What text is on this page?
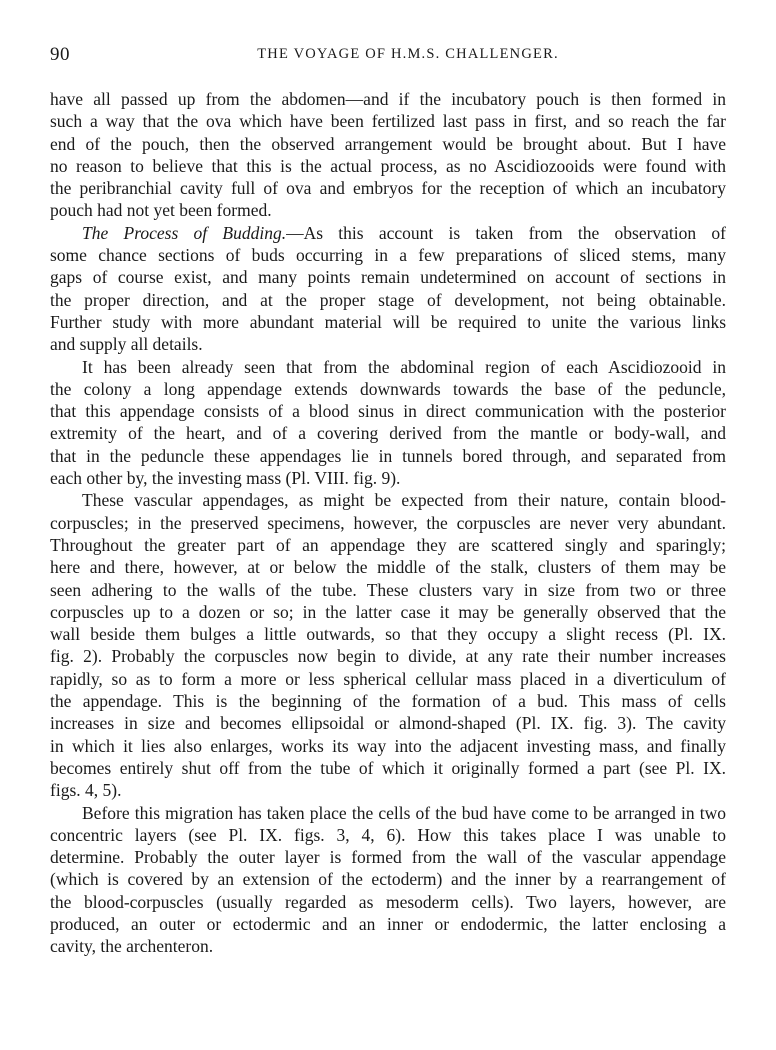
90	THE VOYAGE OF H.M.S. CHALLENGER.
have all passed up from the abdomen—and if the incubatory pouch is then formed in
such a way that the ova which have been fertilized last pass in first, and so reach the far
end of the pouch, then the observed arrangement would be brought about. But I have
no reason to believe that this is the actual process, as no Ascidiozooids were found with
the peribranchial cavity full of ova and embryos for the reception of which an incubatory
pouch had not yet been formed.
The Process of Budding.—As this account is taken from the observation of
some chance sections of buds occurring in a few preparations of sliced stems, many
gaps of course exist, and many points remain undetermined on account of sections in
the proper direction, and at the proper stage of development, not being obtainable.
Further study with more abundant material will be required to unite the various links
and supply all details.
It has been already seen that from the abdominal region of each Ascidiozooid in
the colony a long appendage extends downwards towards the base of the peduncle,
that this appendage consists of a blood sinus in direct communication with the posterior
extremity of the heart, and of a covering derived from the mantle or body-wall, and
that in the peduncle these appendages lie in tunnels bored through, and separated from
each other by, the investing mass (Pl. VIII. fig. 9).
These vascular appendages, as might be expected from their nature, contain blood-
corpuscles; in the preserved specimens, however, the corpuscles are never very abundant.
Throughout the greater part of an appendage they are scattered singly and sparingly;
here and there, however, at or below the middle of the stalk, clusters of them may be
seen adhering to the walls of the tube. These clusters vary in size from two or three
corpuscles up to a dozen or so; in the latter case it may be generally observed that the
wall beside them bulges a little outwards, so that they occupy a slight recess (Pl. IX.
fig. 2). Probably the corpuscles now begin to divide, at any rate their number increases
rapidly, so as to form a more or less spherical cellular mass placed in a diverticulum of
the appendage. This is the beginning of the formation of a bud. This mass of cells
increases in size and becomes ellipsoidal or almond-shaped (Pl. IX. fig. 3). The cavity
in which it lies also enlarges, works its way into the adjacent investing mass, and finally
becomes entirely shut off from the tube of which it originally formed a part (see Pl. IX.
figs. 4, 5).
Before this migration has taken place the cells of the bud have come to be arranged in two
concentric layers (see Pl. IX. figs. 3, 4, 6). How this takes place I was unable to
determine. Probably the outer layer is formed from the wall of the vascular appendage
(which is covered by an extension of the ectoderm) and the inner by a rearrangement of
the blood-corpuscles (usually regarded as mesoderm cells). Two layers, however, are
produced, an outer or ectodermic and an inner or endodermic, the latter enclosing a
cavity, the archenteron.
